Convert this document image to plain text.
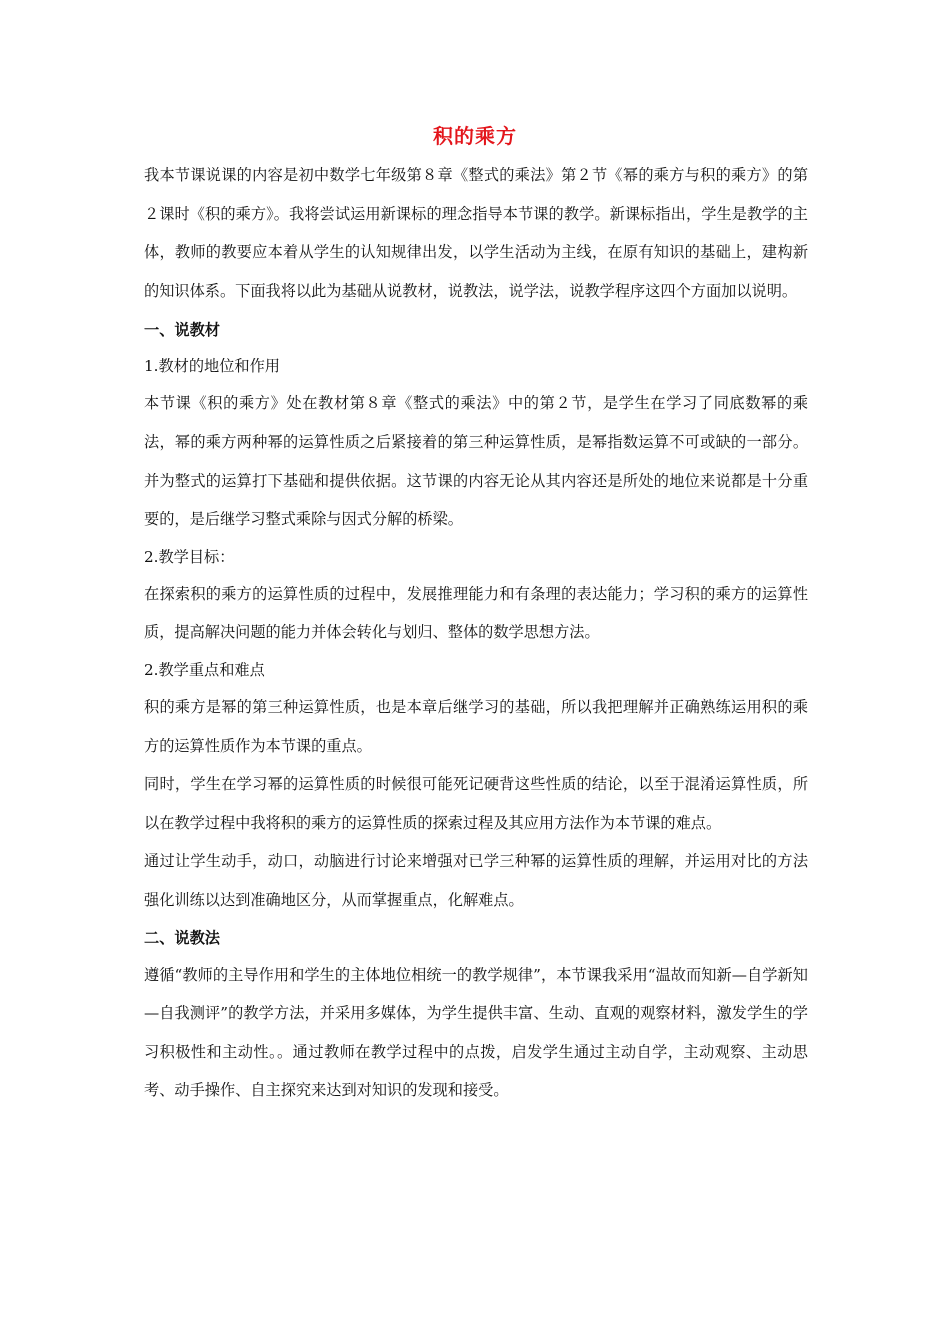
积的乘方

我本节课说课的内容是初中数学七年级第８章《整式的乘法》第２节《幂的乘方与积的乘方》的第２课时《积的乘方》。我将尝试运用新课标的理念指导本节课的教学。新课标指出，学生是教学的主体，教师的教要应本着从学生的认知规律出发，以学生活动为主线，在原有知识的基础上，建构新的知识体系。下面我将以此为基础从说教材，说教法，说学法，说教学程序这四个方面加以说明。

一、说教材

1.教材的地位和作用

本节课《积的乘方》处在教材第８章《整式的乘法》中的第２节，是学生在学习了同底数幂的乘法，幂的乘方两种幂的运算性质之后紧接着的第三种运算性质，是幂指数运算不可或缺的一部分。并为整式的运算打下基础和提供依据。这节课的内容无论从其内容还是所处的地位来说都是十分重要的，是后继学习整式乘除与因式分解的桥梁。

2.教学目标：

在探索积的乘方的运算性质的过程中，发展推理能力和有条理的表达能力；学习积的乘方的运算性质，提高解决问题的能力并体会转化与划归、整体的数学思想方法。

2.教学重点和难点

积的乘方是幂的第三种运算性质，也是本章后继学习的基础，所以我把理解并正确熟练运用积的乘方的运算性质作为本节课的重点。

同时，学生在学习幂的运算性质的时候很可能死记硬背这些性质的结论，以至于混淆运算性质，所以在教学过程中我将积的乘方的运算性质的探索过程及其应用方法作为本节课的难点。

通过让学生动手，动口，动脑进行讨论来增强对已学三种幂的运算性质的理解，并运用对比的方法强化训练以达到准确地区分，从而掌握重点，化解难点。

二、说教法

遵循“教师的主导作用和学生的主体地位相统一的教学规律”，本节课我采用“温故而知新—自学新知—自我测评”的教学方法，并采用多媒体，为学生提供丰富、生动、直观的观察材料，激发学生的学习积极性和主动性。。通过教师在教学过程中的点拨，启发学生通过主动自学，主动观察、主动思考、动手操作、自主探究来达到对知识的发现和接受。
